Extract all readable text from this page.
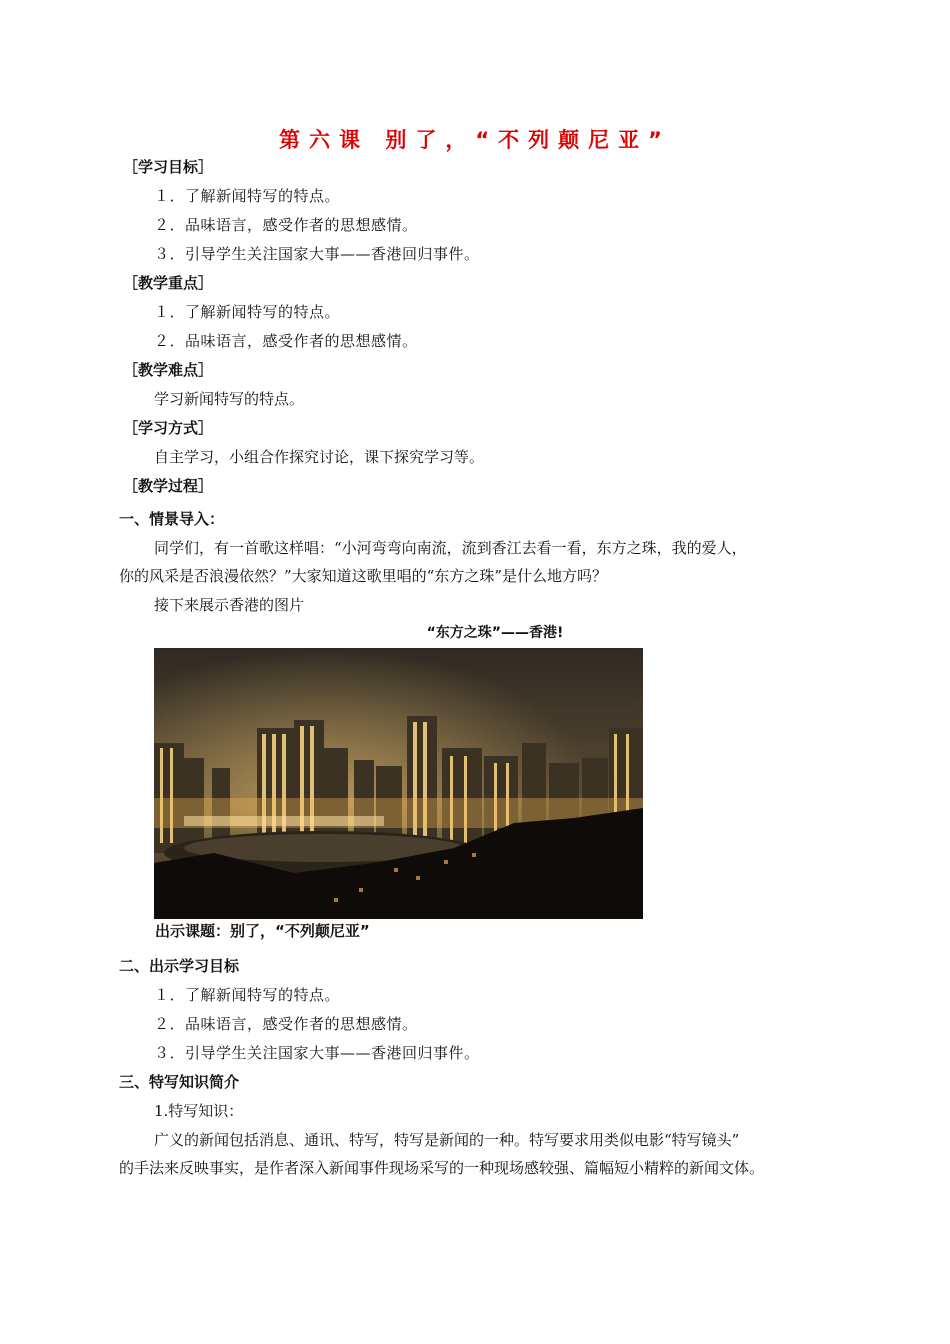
第六课 别了，“不列颠尼亚”
［学习目标］
１．了解新闻特写的特点。
２．品味语言，感受作者的思想感情。
３．引导学生关注国家大事——香港回归事件。
［教学重点］
１．了解新闻特写的特点。
２．品味语言，感受作者的思想感情。
［教学难点］
学习新闻特写的特点。
［学习方式］
自主学习，小组合作探究讨论，课下探究学习等。
［教学过程］
一、情景导入：
同学们，有一首歌这样唱：“小河弯弯向南流，流到香江去看一看，东方之珠，我的爱人，
你的风采是否浪漫依然？”大家知道这歌里唱的“东方之珠”是什么地方吗？
接下来展示香港的图片
“东方之珠”——香港!
出示课题：别了，“不列颠尼亚”
二、出示学习目标
１．了解新闻特写的特点。
２．品味语言，感受作者的思想感情。
３．引导学生关注国家大事——香港回归事件。
三、特写知识简介
1.特写知识：
广义的新闻包括消息、通讯、特写，特写是新闻的一种。特写要求用类似电影“特写镜头”
的手法来反映事实，是作者深入新闻事件现场采写的一种现场感较强、篇幅短小精粹的新闻文体。
